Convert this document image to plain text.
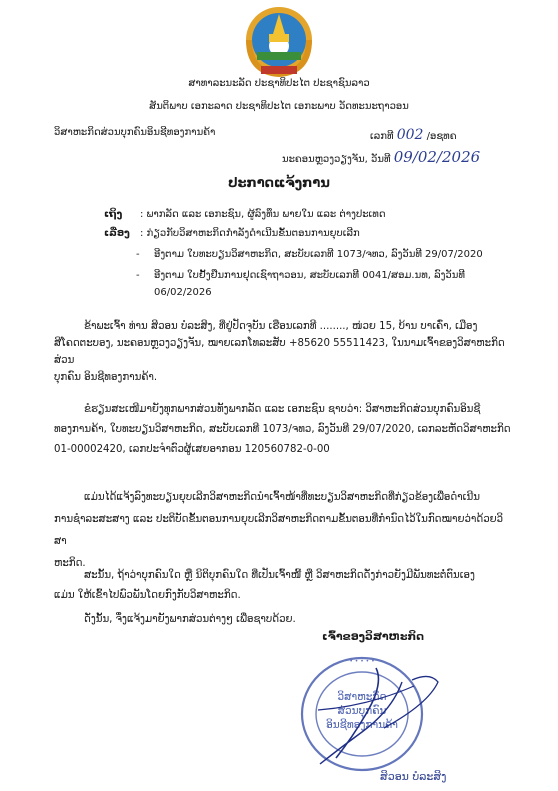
ສາທາລະນະລັດ ປະຊາທິປະໄຕ ປະຊາຊົນລາວ
ສັນຕິພາບ ເອກະລາດ ປະຊາທິປະໄຕ ເອກະພາບ ວັດທະນະຖາວອນ
ວິສາຫະກິດສ່ວນບຸກຄົນອິນຊີທອງການຄ້າ	ເລກທີ 002 /ອຊທຄ
ນະຄອນຫຼວງວຽງຈັນ, ວັນທີ 09/02/2026
ປະກາດແຈ້ງການ
ເຖິງ : ພາກລັດ ແລະ ເອກະຊົນ, ຜູ້ລົງທຶນ ພາຍໃນ ແລະ ຕ່າງປະເທດ
ເລື່ອງ : ກ່ຽວກັບວິສາຫະກິດກຳລັງດຳເນີນຂັ້ນຕອນການຍຸບເລີກ
- ອີງຕາມ ໃບທະບຽນວິສາຫະກິດ, ສະບັບເລກທີ 1073/ຈທວ, ລົງວັນທີ 29/07/2020
- ອີງຕາມ ໃບຢັ້ງຢືນການຢຸດເຊົາຖາວອນ, ສະບັບເລກທີ 0041/ສອມ.ນທ, ລົງວັນທີ
06/02/2026
ຂ້າພະເຈົ້າ ທ່ານ ສິວອນ ບໍລະສິງ, ທີ່ຢູ່ປັດຈຸບັນ ເຮືອນເລກທີ ........, ໜ່ວຍ 15, ບ້ານ ບາເຄົ່າ, ເມືອງ
ສີໂຄດຕະບອງ, ນະຄອນຫຼວງວຽງຈັນ, ໝາຍເລກໂທລະສັບ +85620 55511423, ໃນນາມເຈົ້າຂອງວິສາຫະກິດສ່ວນ
ບຸກຄົນ ອິນຊີທອງການຄ້າ.
ຂໍຮຽນສະເໜີມາຍັງທຸກພາກສ່ວນທັງພາກລັດ ແລະ ເອກະຊົນ ຊາບວ່າ: ວິສາຫະກິດສ່ວນບຸກຄົນອິນຊີ
ທອງການຄ້າ, ໃບທະບຽນວິສາຫະກິດ, ສະບັບເລກທີ 1073/ຈທວ, ລົງວັນທີ 29/07/2020, ເລກລະຫັດວິສາຫະກິດ
01-00002420, ເລກປະຈຳຕົວຜູ້ເສຍອາກອນ 120560782-0-00
ແມ່ນໄດ້ແຈ້ງລົງທະບຽນຍຸບເລີກວິສາຫະກິດນຳເຈົ້າໜ້າທີ່ທະບຽນວິສາຫະກິດທີ່ກ່ຽວຂ້ອງເພື່ອດຳເນີນ
ການຊຳລະສະສາງ ແລະ ປະຕິບັດຂັ້ນຕອນການຍຸບເລີກວິສາຫະກິດຕາມຂັ້ນຕອນທີ່ກຳນົດໄວ້ໃນກົດໝາຍວ່າດ້ວຍວິສາ
ຫະກິດ.
ສະນັ້ນ, ຖ້າວ່າບຸກຄົນໃດ ຫຼື ນິຕິບຸກຄົນໃດ ທີ່ເປັນເຈົ້າໜີ້ ຫຼື ວິສາຫະກິດດັ່ງກ່າວຍັງມີພັນທະຕໍ່ຕົນເອງ
ແມ່ນ ໃຫ້ເຂົ້າໄປພົວພັນໂດຍກົງກັບວິສາຫະກິດ.
ດັ່ງນັ້ນ, ຈຶ່ງແຈ້ງມາຍັງພາກສ່ວນຕ່າງໆ ເພື່ອຊາບດ້ວຍ.
ເຈົ້າຂອງວິສາຫະກິດ
• • • • •
ວິສາຫະກິດ
ສ່ວນບຸກຄົນ
ອິນຊີທອງການຄ້າ
ສິວອນ ບໍລະສິງ
